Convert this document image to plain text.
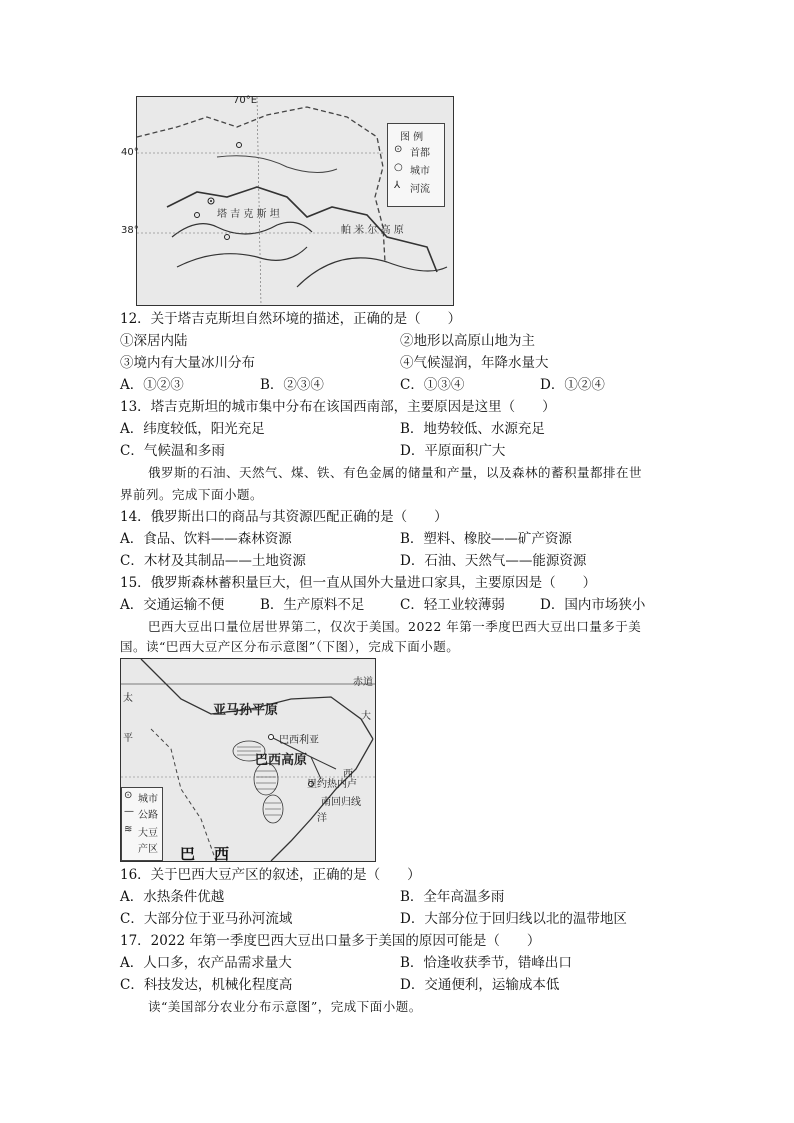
70°E
40°
38°
塔 吉 克 斯 坦
帕 米 尔 高 原
图 例
⊙ 首都
○ 城市
⅄ 河流
12．关于塔吉克斯坦自然环境的描述，正确的是（　　）
①深居内陆	②地形以高原山地为主
③境内有大量冰川分布	④气候湿润，年降水量大
A．①②③	B．②③④	C．①③④	D．①②④
13．塔吉克斯坦的城市集中分布在该国西南部，主要原因是这里（　　）
A．纬度较低，阳光充足	B．地势较低、水源充足
C．气候温和多雨	D．平原面积广大
俄罗斯的石油、天然气、煤、铁、有色金属的储量和产量，以及森林的蓄积量都排在世
界前列。完成下面小题。
14．俄罗斯出口的商品与其资源匹配正确的是（　　）
A．食品、饮料——森林资源	B．塑料、橡胶——矿产资源
C．木材及其制品——土地资源	D．石油、天然气——能源资源
15．俄罗斯森林蓄积量巨大，但一直从国外大量进口家具，主要原因是（　　）
A．交通运输不便	B．生产原料不足	C．轻工业较薄弱	D．国内市场狭小
巴西大豆出口量位居世界第二，仅次于美国。2022 年第一季度巴西大豆出口量多于美
国。读“巴西大豆产区分布示意图”（下图），完成下面小题。
赤道
亚马孙平原
巴西利亚
巴西高原
里约热内卢
南回归线
大
西
洋
太
平
⊙ 城市
— 公路
≋ 大豆
产区 巴　西
16．关于巴西大豆产区的叙述，正确的是（　　）
A．水热条件优越	B．全年高温多雨
C．大部分位于亚马孙河流域	D．大部分位于回归线以北的温带地区
17．2022 年第一季度巴西大豆出口量多于美国的原因可能是（　　）
A．人口多，农产品需求量大	B．恰逢收获季节，错峰出口
C．科技发达，机械化程度高	D．交通便利，运输成本低
读“美国部分农业分布示意图”，完成下面小题。
